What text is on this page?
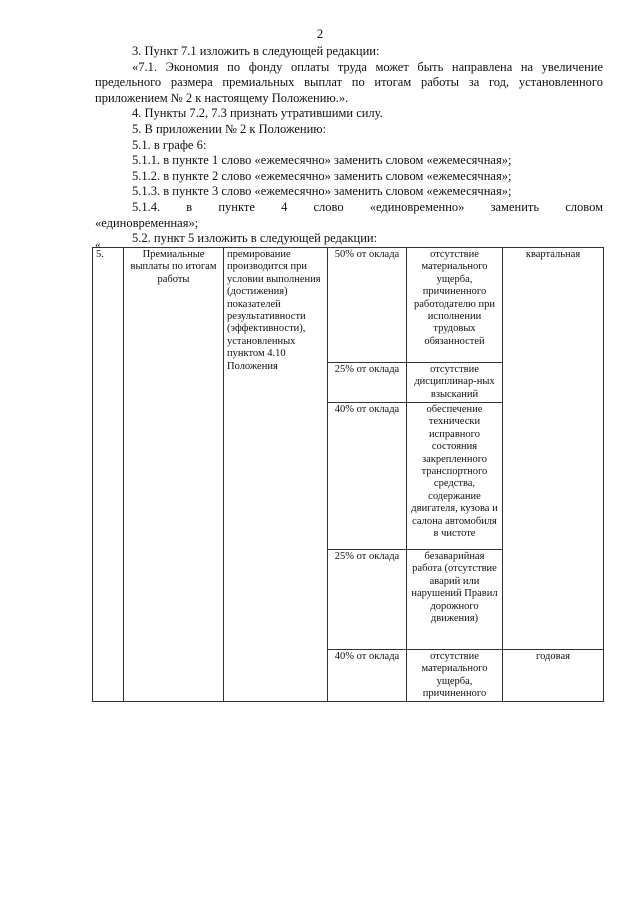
2

3. Пункт 7.1 изложить в следующей редакции:

«7.1. Экономия по фонду оплаты труда может быть направлена на увеличение предельного размера премиальных выплат по итогам работы за год, установленного приложением № 2 к настоящему Положению.».

4. Пункты 7.2, 7.3 признать утратившими силу.

5. В приложении № 2 к Положению:

5.1. в графе 6:

5.1.1. в пункте 1 слово «ежемесячно» заменить словом «ежемесячная»;

5.1.2. в пункте 2 слово «ежемесячно» заменить словом «ежемесячная»;

5.1.3. в пункте 3 слово «ежемесячно» заменить словом «ежемесячная»;

5.1.4. в пункте 4 слово «единовременно» заменить словом

«единовременная»;

5.2. пункт 5 изложить в следующей редакции:

«
5.	Премиальные выплаты по итогам работы	премирование производится при условии выполнения (достижения) показателей результативности (эффективности), установленных пунктом 4.10 Положения	50% от оклада	отсутствие материального ущерба, причиненного работодателю при исполнении трудовых обязанностей	квартальная
			25% от оклада	отсутствие дисциплинар-ных взысканий	
			40% от оклада	обеспечение технически исправного состояния закрепленного транспортного средства, содержание двигателя, кузова и салона автомобиля в чистоте	
			25% от оклада	безаварийная работа (отсутствие аварий или нарушений Правил дорожного движения)	
			40% от оклада	отсутствие материального ущерба, причиненного	годовая
